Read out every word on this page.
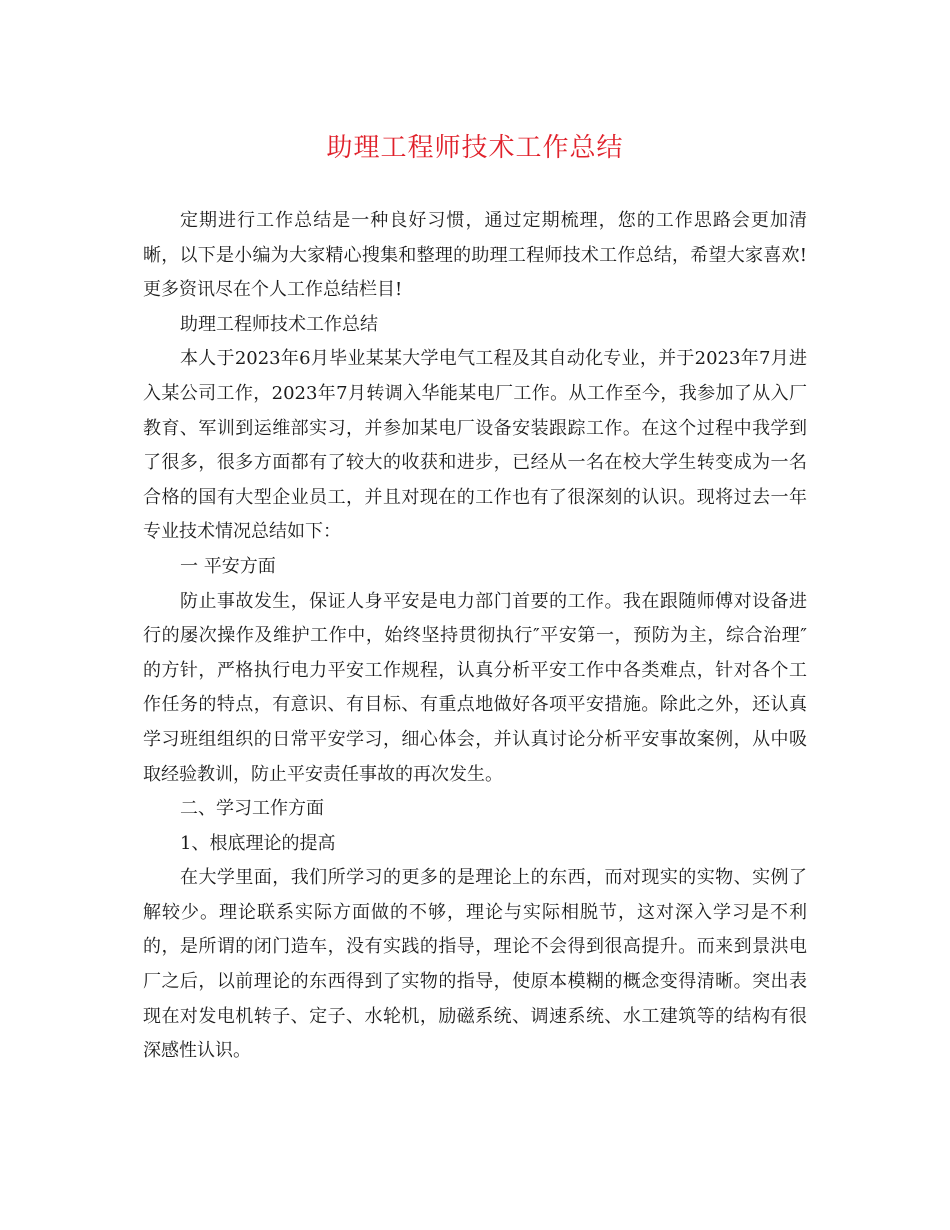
助理工程师技术工作总结

定期进行工作总结是一种良好习惯，通过定期梳理，您的工作思路会更加清晰，以下是小编为大家精心搜集和整理的助理工程师技术工作总结，希望大家喜欢!更多资讯尽在个人工作总结栏目!

助理工程师技术工作总结

本人于2023年6月毕业某某大学电气工程及其自动化专业，并于2023年7月进入某公司工作，2023年7月转调入华能某电厂工作。从工作至今，我参加了从入厂教育、军训到运维部实习，并参加某电厂设备安装跟踪工作。在这个过程中我学到了很多，很多方面都有了较大的收获和进步，已经从一名在校大学生转变成为一名合格的国有大型企业员工，并且对现在的工作也有了很深刻的认识。现将过去一年专业技术情况总结如下：

一 平安方面

防止事故发生，保证人身平安是电力部门首要的工作。我在跟随师傅对设备进行的屡次操作及维护工作中，始终坚持贯彻执行″平安第一，预防为主，综合治理″ 的方针，严格执行电力平安工作规程，认真分析平安工作中各类难点，针对各个工作任务的特点，有意识、有目标、有重点地做好各项平安措施。除此之外，还认真学习班组组织的日常平安学习，细心体会，并认真讨论分析平安事故案例，从中吸取经验教训，防止平安责任事故的再次发生。

二、学习工作方面

1、根底理论的提高

在大学里面，我们所学习的更多的是理论上的东西，而对现实的实物、实例了解较少。理论联系实际方面做的不够，理论与实际相脱节，这对深入学习是不利的，是所谓的闭门造车，没有实践的指导，理论不会得到很高提升。而来到景洪电厂之后，以前理论的东西得到了实物的指导，使原本模糊的概念变得清晰。突出表现在对发电机转子、定子、水轮机，励磁系统、调速系统、水工建筑等的结构有很深感性认识。
